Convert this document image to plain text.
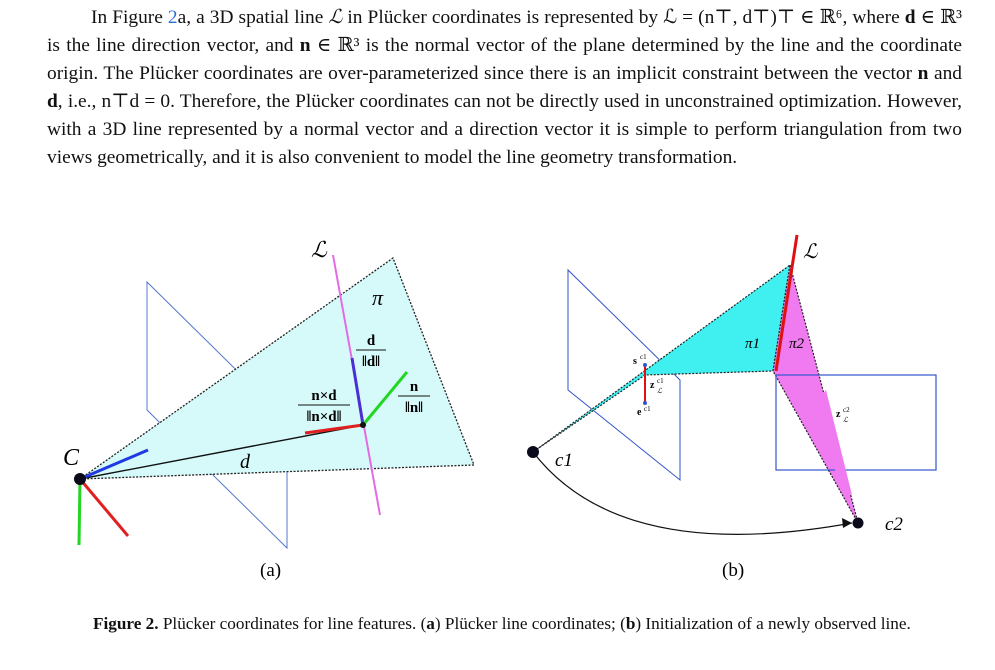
In Figure 2a, a 3D spatial line ℒ in Plücker coordinates is represented by ℒ = (n⊤, d⊤)⊤ ∈ ℝ⁶, where d ∈ ℝ³ is the line direction vector, and n ∈ ℝ³ is the normal vector of the plane determined by the line and the coordinate origin. The Plücker coordinates are over-parameterized since there is an implicit constraint between the vector n and d, i.e., n⊤d = 0. Therefore, the Plücker coordinates can not be directly used in unconstrained optimization. However, with a 3D line represented by a normal vector and a direction vector it is simple to perform triangulation from two views geometrically, and it is also convenient to model the line geometry transformation.

ℒ
π
d
‖d‖
n×d
‖n×d‖
n
‖n‖
C	d
(a)
ℒ
π1 π2
s c1
z c1
ℒ
e c1	z c2
ℒ
c1
c2
(b)

Figure 2. Plücker coordinates for line features. (a) Plücker line coordinates; (b) Initialization of a newly observed line.
